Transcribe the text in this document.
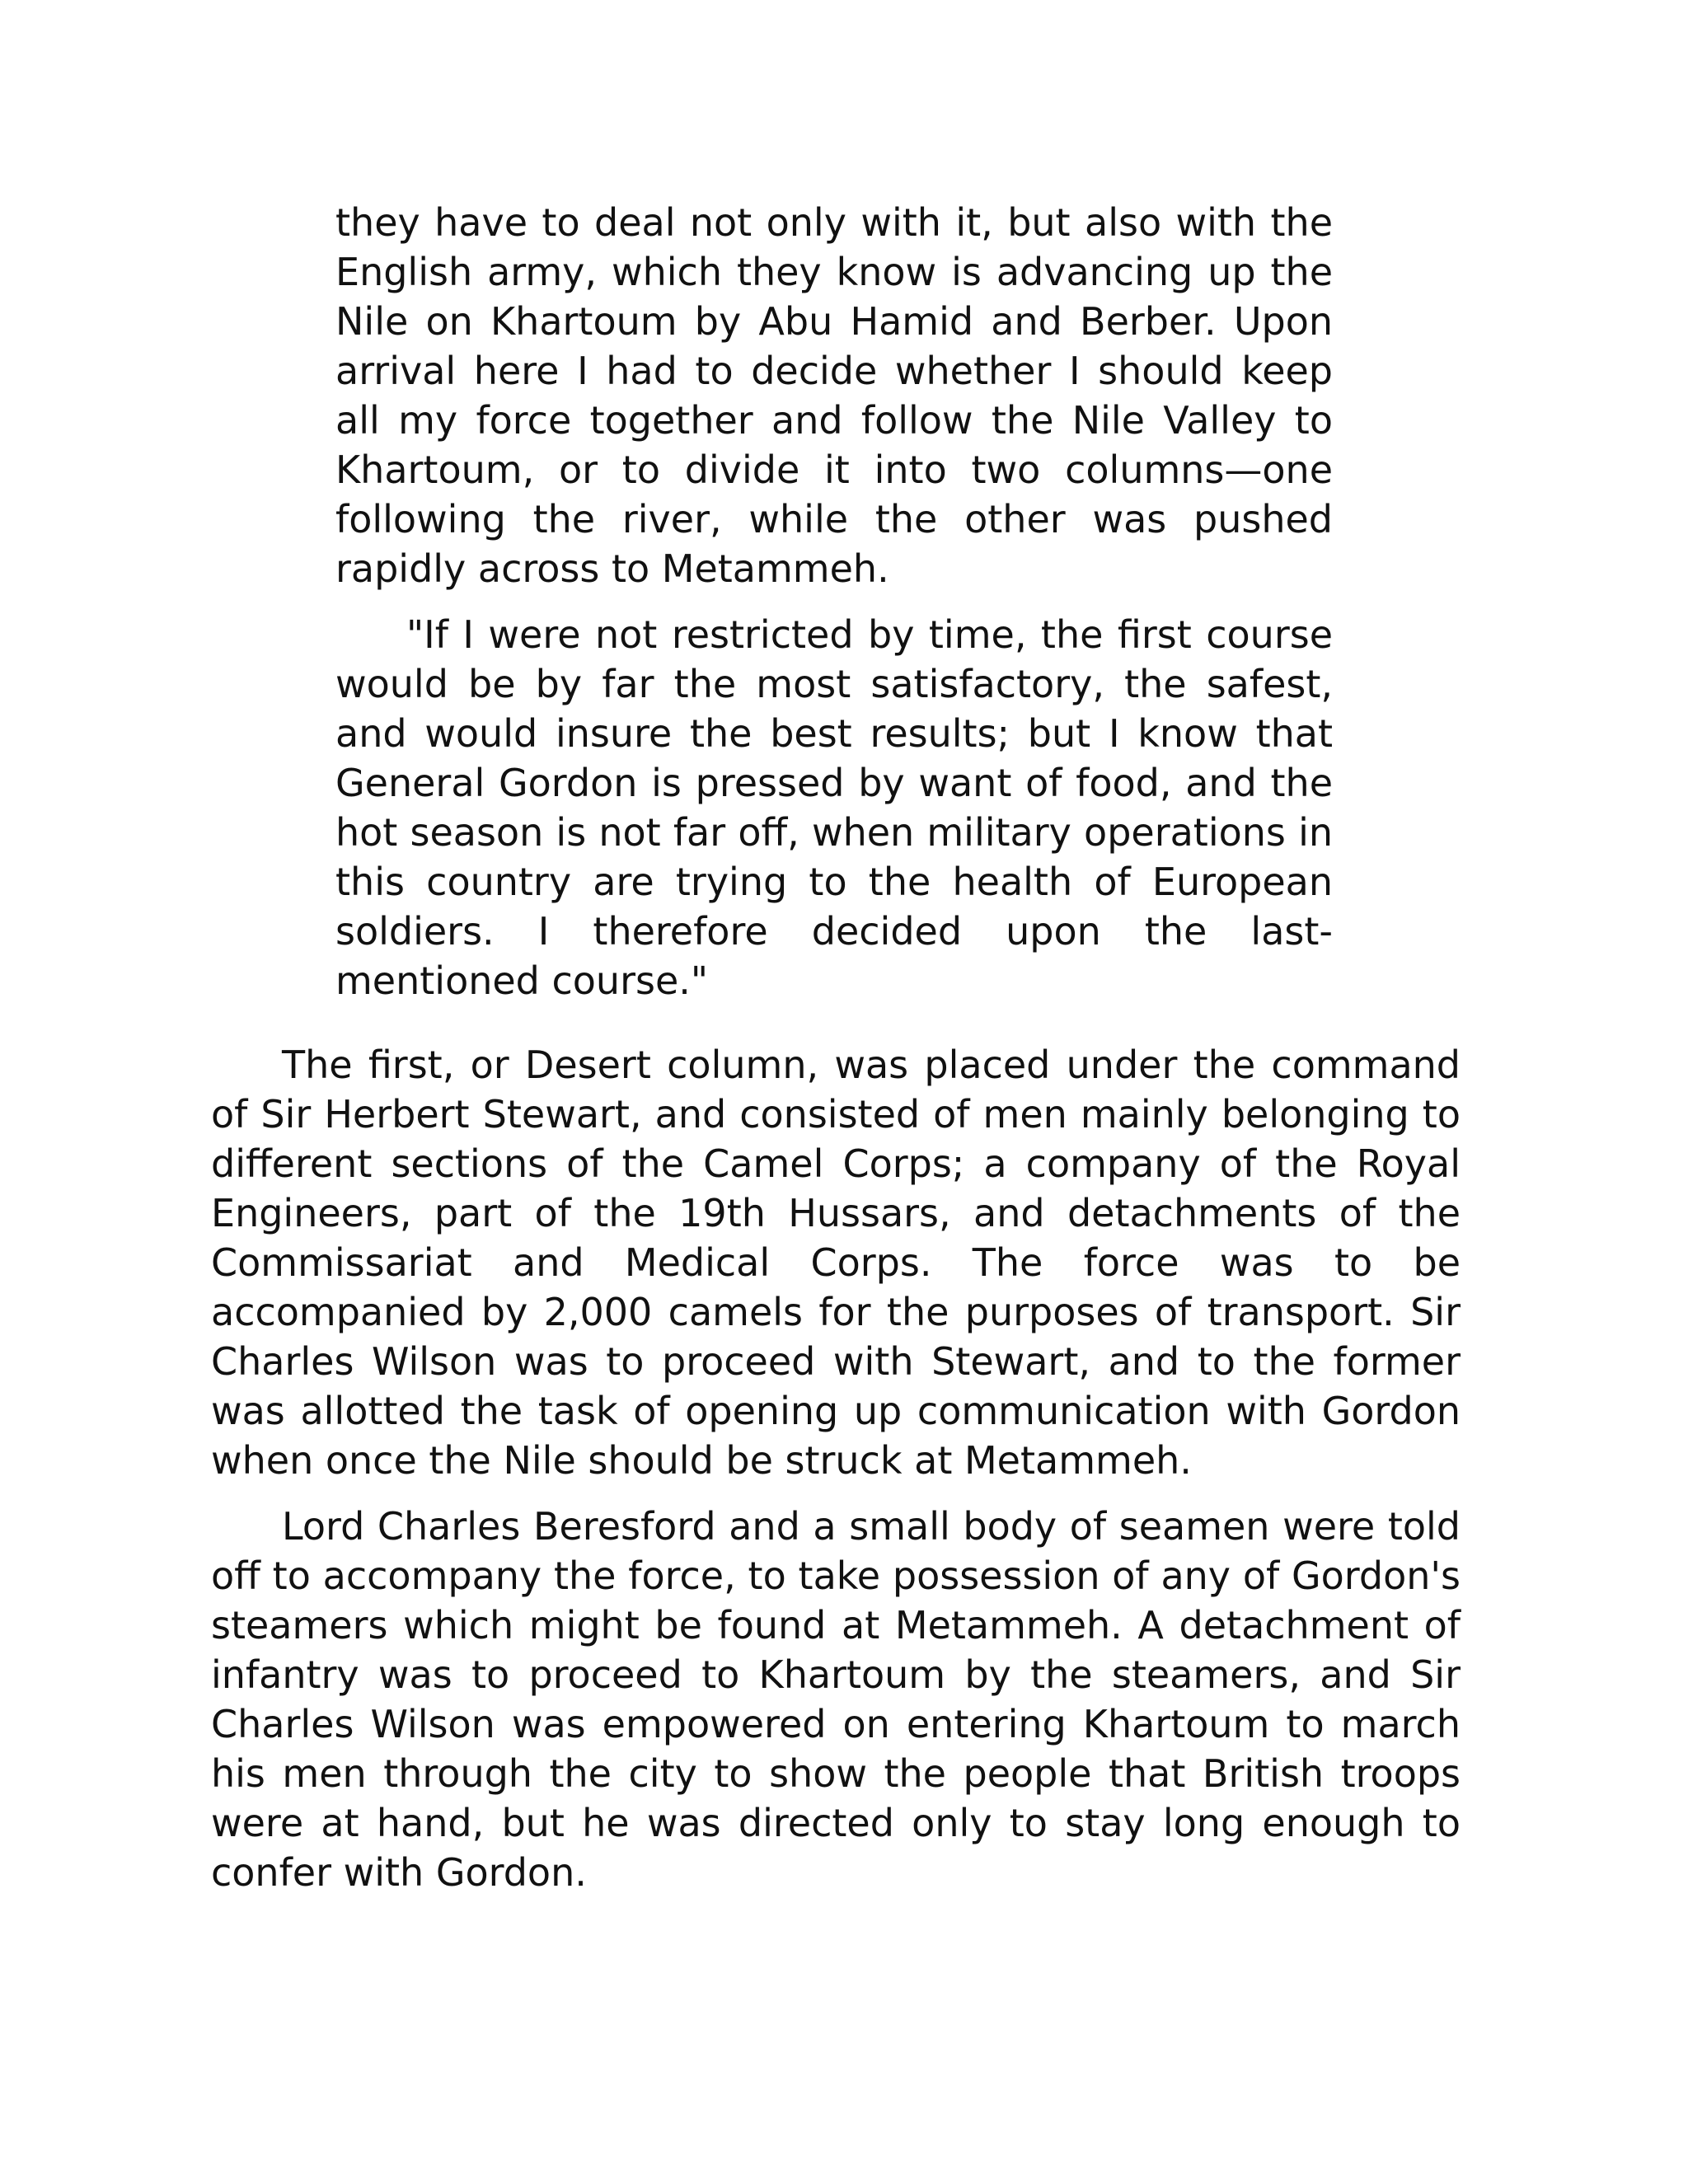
they have to deal not only with it, but also with the English army, which they know is advancing up the Nile on Khartoum by Abu Hamid and Berber. Upon arrival here I had to decide whether I should keep all my force together and follow the Nile Valley to Khartoum, or to divide it into two columns—one following the river, while the other was pushed rapidly across to Metammeh.

"If I were not restricted by time, the first course would be by far the most satisfactory, the safest, and would insure the best results; but I know that General Gordon is pressed by want of food, and the hot season is not far off, when military operations in this country are trying to the health of European soldiers. I therefore decided upon the last-mentioned course."

The first, or Desert column, was placed under the command of Sir Herbert Stewart, and consisted of men mainly belonging to different sections of the Camel Corps; a company of the Royal Engineers, part of the 19th Hussars, and detachments of the Commissariat and Medical Corps. The force was to be accompanied by 2,000 camels for the purposes of transport. Sir Charles Wilson was to proceed with Stewart, and to the former was allotted the task of opening up communication with Gordon when once the Nile should be struck at Metammeh.

Lord Charles Beresford and a small body of seamen were told off to accompany the force, to take possession of any of Gordon's steamers which might be found at Metammeh. A detachment of infantry was to proceed to Khartoum by the steamers, and Sir Charles Wilson was empowered on entering Khartoum to march his men through the city to show the people that British troops were at hand, but he was directed only to stay long enough to confer with Gordon.
